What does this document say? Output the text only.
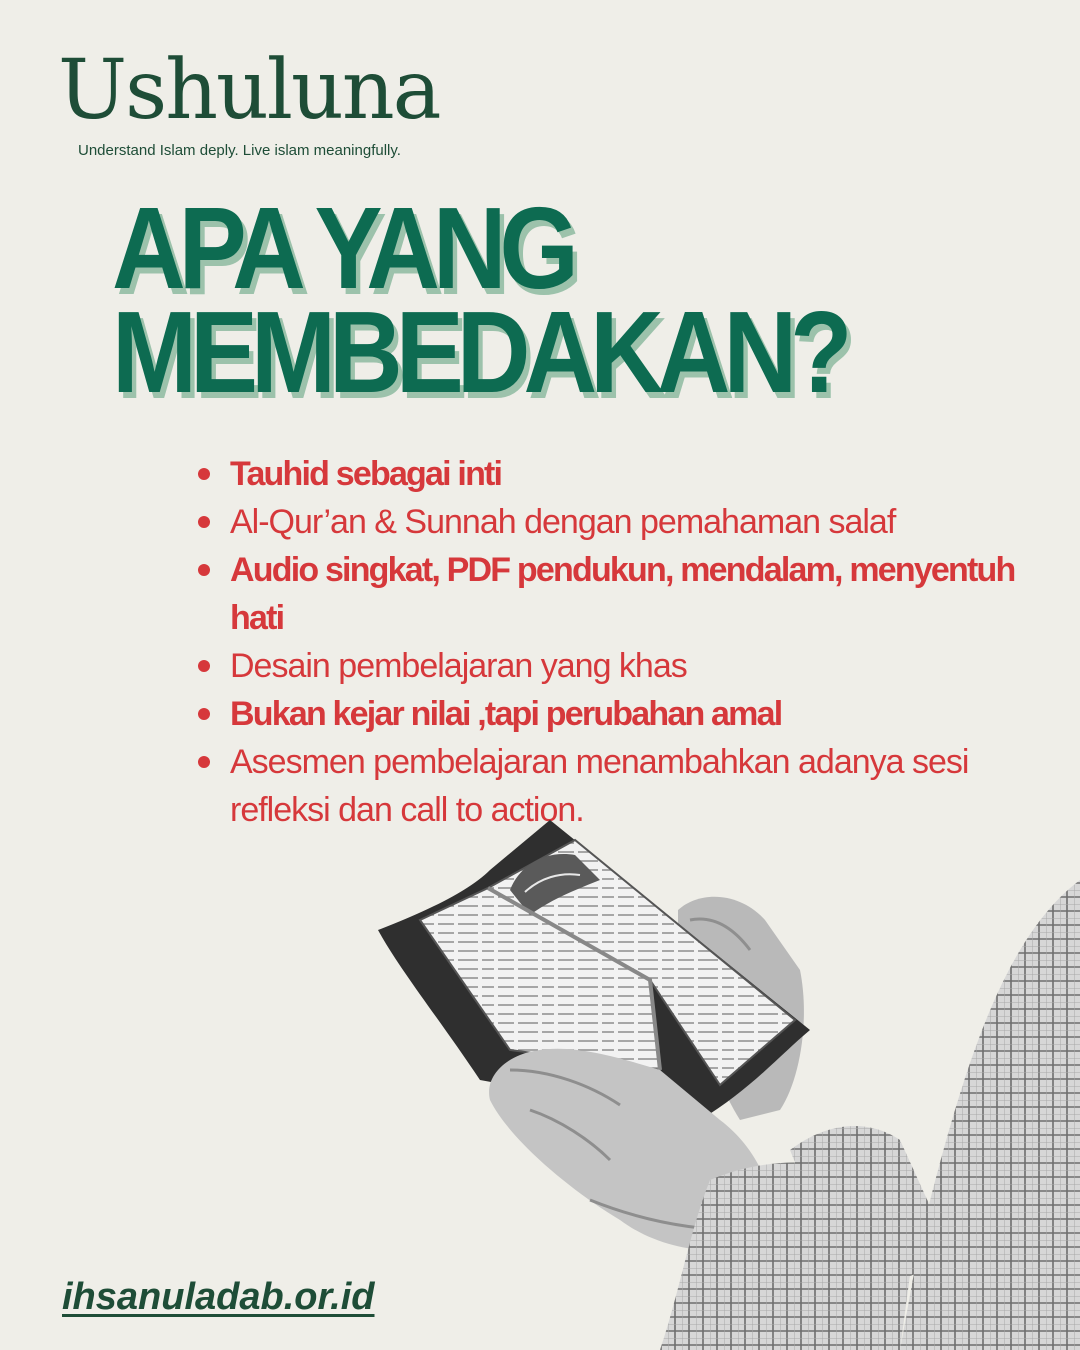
Ushuluna
Understand Islam deply. Live islam meaningfully.
APA YANG
MEMBEDAKAN?
Tauhid sebagai inti
Al-Qur’an & Sunnah dengan pemahaman salaf
Audio singkat, PDF pendukun, mendalam, menyentuh hati
Desain pembelajaran yang khas
Bukan kejar nilai ,tapi perubahan amal
Asesmen pembelajaran menambahkan adanya sesi refleksi dan call to action.
ihsanuladab.or.id
